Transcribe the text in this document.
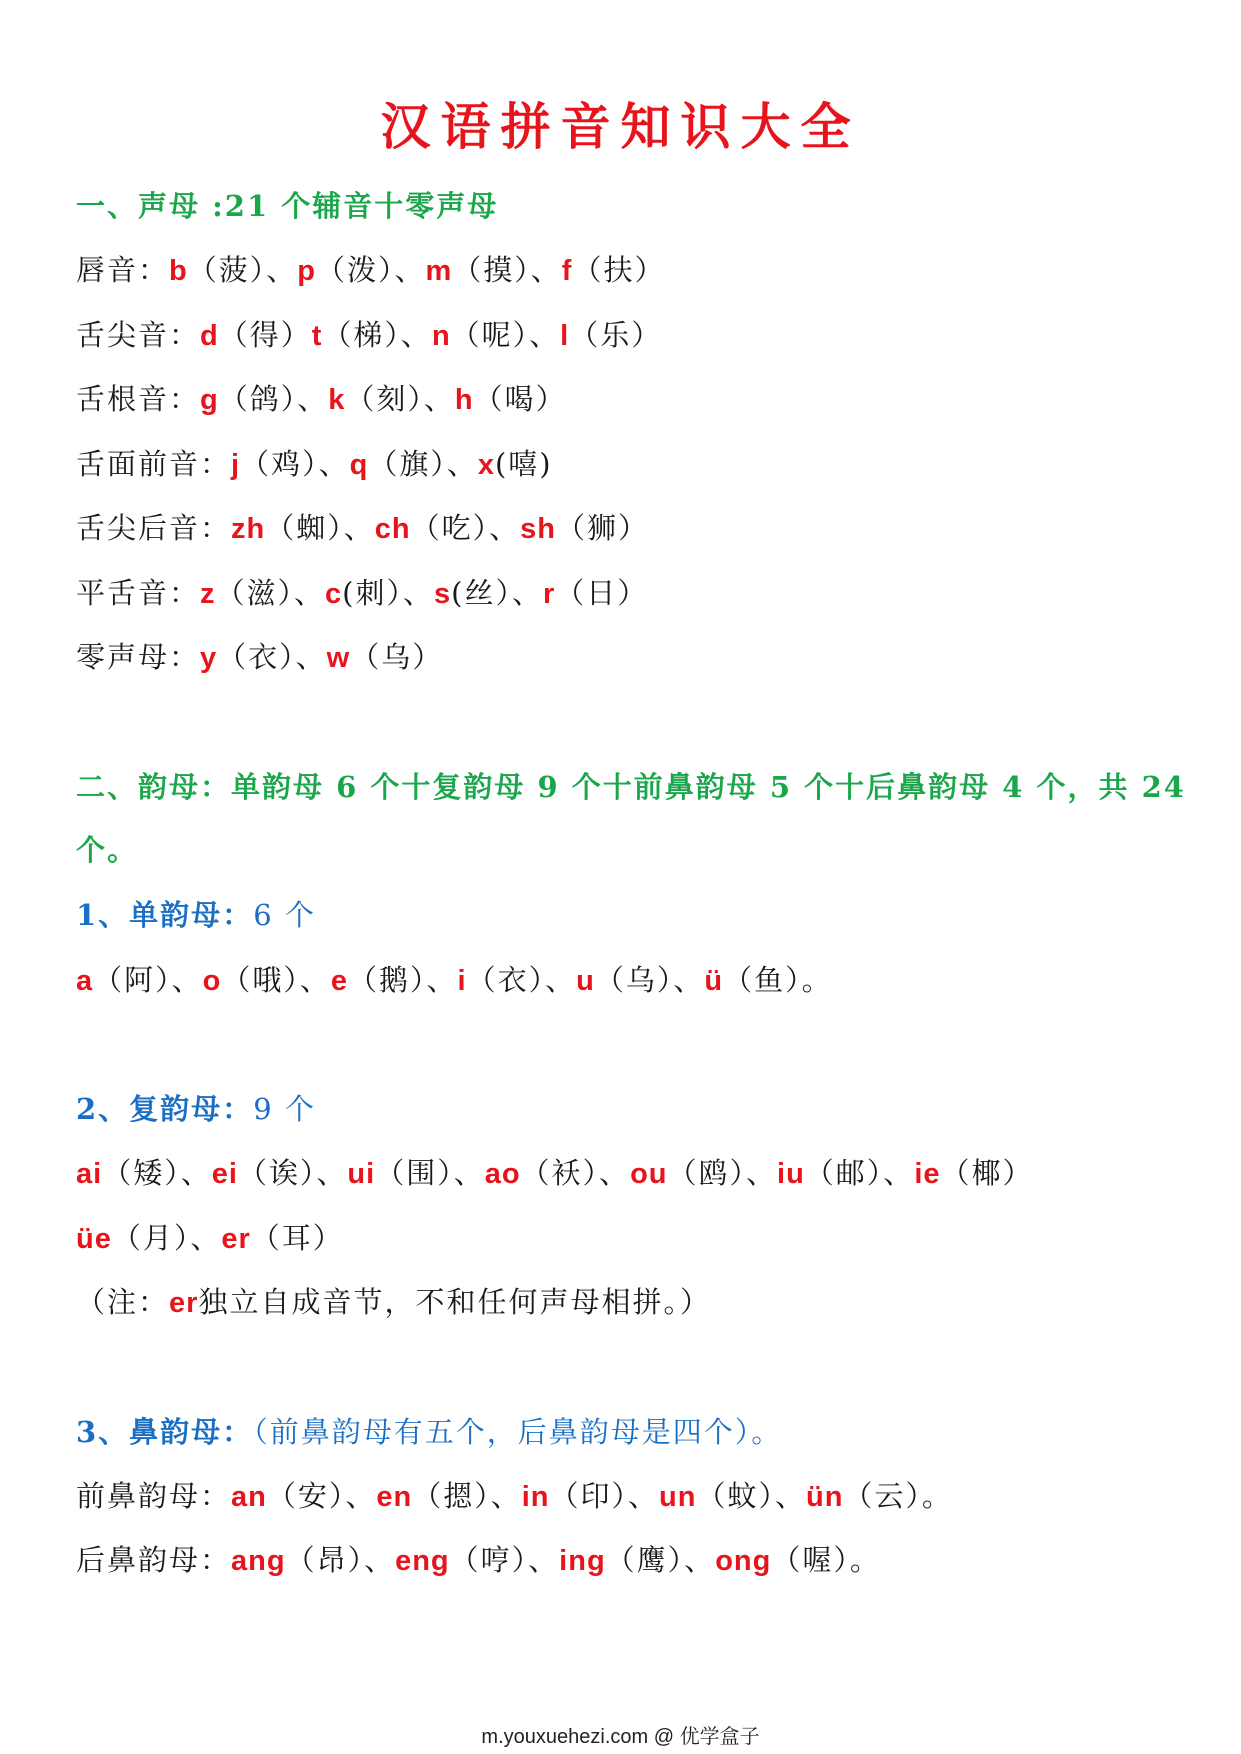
汉语拼音知识大全
一、声母 :21 个辅音十零声母
唇音：b（菠）、p（泼）、m（摸）、f（扶）
舌尖音：d（得）t（梯）、n（呢）、l（乐）
舌根音：g（鸽）、k（刻）、h（喝）
舌面前音：j（鸡）、q（旗）、x(嘻)
舌尖后音：zh（蜘）、ch（吃）、sh（狮）
平舌音：z（滋）、c(刺）、s(丝）、r（日）
零声母：y（衣）、w（乌）
二、韵母：单韵母 6 个十复韵母 9 个十前鼻韵母 5 个十后鼻韵母 4 个，共 24
个。
1、单韵母：6 个
a（阿）、o（哦）、e（鹅）、i（衣）、u（乌）、ü（鱼）。
2、复韵母：9 个
ai（矮）、ei（诶）、ui（围）、ao（袄）、ou（鸥）、iu（邮）、ie（椰）
üe（月）、er（耳）
（注：er独立自成音节，不和任何声母相拼。）
3、鼻韵母：（前鼻韵母有五个，后鼻韵母是四个）。
前鼻韵母：an（安）、en（摁）、in（印）、un（蚊）、ün（云）。
后鼻韵母：ang（昂）、eng（哼）、ing（鹰）、ong（喔）。
m.youxuehezi.com @ 优学盒子
